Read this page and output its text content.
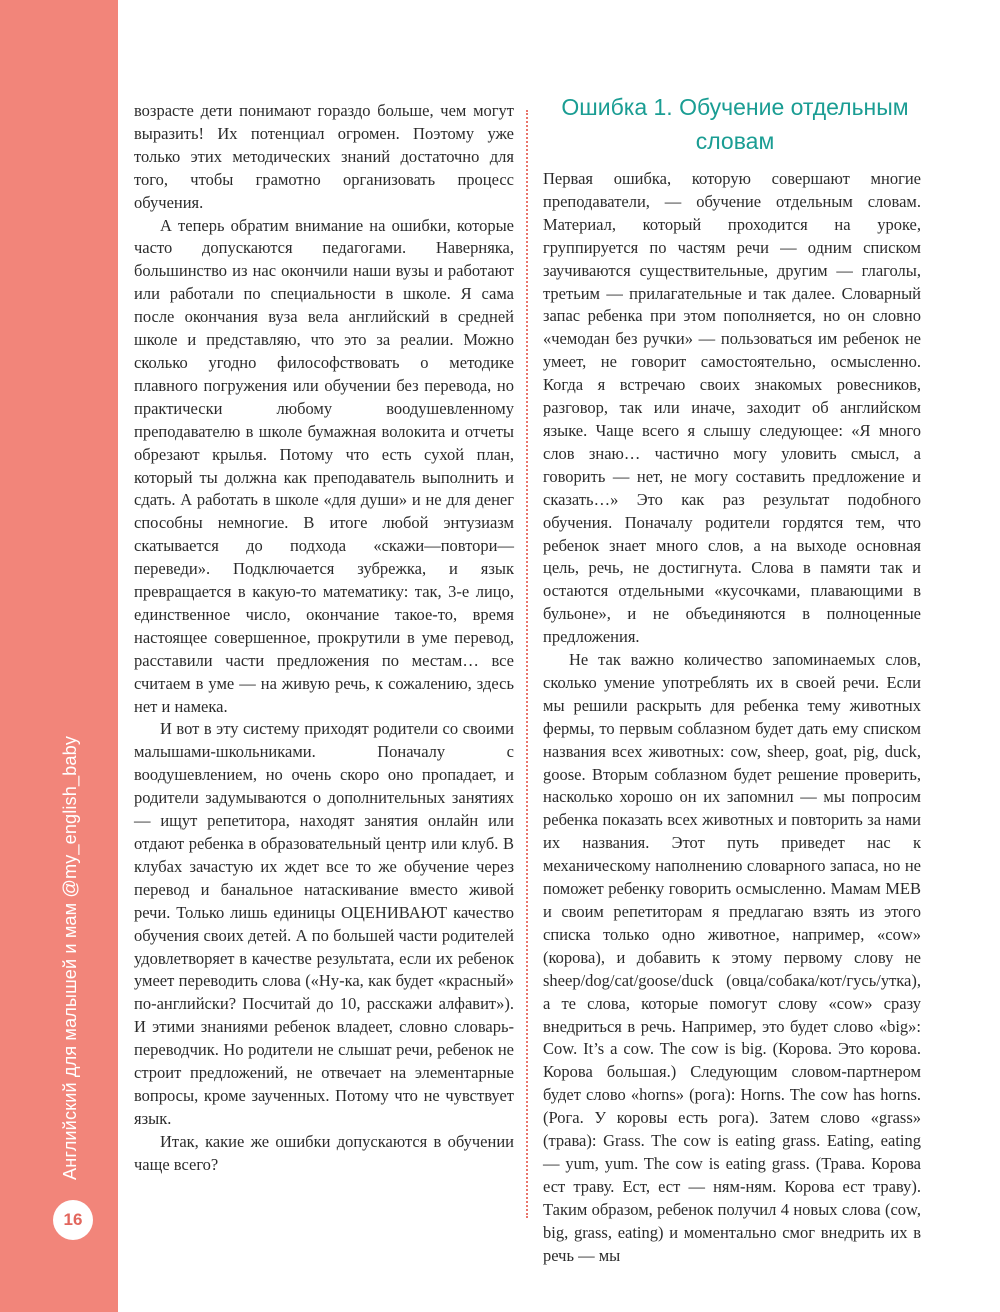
Английский для малышей и мам @my_english_baby
16

возрасте дети понимают гораздо больше, чем могут выразить! Их потенциал огромен. Поэтому уже только этих методических знаний достаточно для того, чтобы грамотно организовать процесс обучения.

А теперь обратим внимание на ошибки, которые часто допускаются педагогами. Наверняка, большинство из нас окончили наши вузы и работают или работали по специальности в школе. Я сама после окончания вуза вела английский в средней школе и представляю, что это за реалии. Можно сколько угодно философствовать о методике плавного погружения или обучении без перевода, но практически любому воодушевленному преподавателю в школе бумажная волокита и отчеты обрезают крылья. Потому что есть сухой план, который ты должна как преподаватель выполнить и сдать. А работать в школе «для души» и не для денег способны немногие. В итоге любой энтузиазм скатывается до подхода «скажи—повтори—переведи». Подключается зубрежка, и язык превращается в какую-то математику: так, 3-е лицо, единственное число, окончание такое-то, время настоящее совершенное, прокрутили в уме перевод, расставили части предложения по местам… все считаем в уме — на живую речь, к сожалению, здесь нет и намека.

И вот в эту систему приходят родители со своими малышами-школьниками. Поначалу с воодушевлением, но очень скоро оно пропадает, и родители задумываются о дополнительных занятиях — ищут репетитора, находят занятия онлайн или отдают ребенка в образовательный центр или клуб. В клубах зачастую их ждет все то же обучение через перевод и банальное натаскивание вместо живой речи. Только лишь единицы ОЦЕНИВАЮТ качество обучения своих детей. А по большей части родителей удовлетворяет в качестве результата, если их ребенок умеет переводить слова («Ну-ка, как будет «красный» по-английски? Посчитай до 10, расскажи алфавит»). И этими знаниями ребенок владеет, словно словарь-переводчик. Но родители не слышат речи, ребенок не строит предложений, не отвечает на элементарные вопросы, кроме заученных. Потому что не чувствует язык.

Итак, какие же ошибки допускаются в обучении чаще всего?

Ошибка 1. Обучение отдельным словам

Первая ошибка, которую совершают многие преподаватели, — обучение отдельным словам. Материал, который проходится на уроке, группируется по частям речи — одним списком заучиваются существительные, другим — глаголы, третьим — прилагательные и так далее. Словарный запас ребенка при этом пополняется, но он словно «чемодан без ручки» — пользоваться им ребенок не умеет, не говорит самостоятельно, осмысленно. Когда я встречаю своих знакомых ровесников, разговор, так или иначе, заходит об английском языке. Чаще всего я слышу следующее: «Я много слов знаю… частично могу уловить смысл, а говорить — нет, не могу составить предложение и сказать…» Это как раз результат подобного обучения. Поначалу родители гордятся тем, что ребенок знает много слов, а на выходе основная цель, речь, не достигнута. Слова в памяти так и остаются отдельными «кусочками, плавающими в бульоне», и не объединяются в полноценные предложения.

Не так важно количество запоминаемых слов, сколько умение употреблять их в своей речи. Если мы решили раскрыть для ребенка тему животных фермы, то первым соблазном будет дать ему списком названия всех животных: cow, sheep, goat, pig, duck, goose. Вторым соблазном будет решение проверить, насколько хорошо он их запомнил — мы попросим ребенка показать всех животных и повторить за нами их названия. Этот путь приведет нас к механическому наполнению словарного запаса, но не поможет ребенку говорить осмысленно. Мамам МЕВ и своим репетиторам я предлагаю взять из этого списка только одно животное, например, «cow» (корова), и добавить к этому первому слову не sheep/dog/cat/goose/duck (овца/собака/кот/гусь/утка), а те слова, которые помогут слову «cow» сразу внедриться в речь. Например, это будет слово «big»: Cow. It’s a cow. The cow is big. (Корова. Это корова. Корова большая.) Следующим словом-партнером будет слово «horns» (рога): Horns. The cow has horns. (Рога. У коровы есть рога). Затем слово «grass» (трава): Grass. The cow is eating grass. Eating, eating — yum, yum. The cow is eating grass. (Трава. Корова ест траву. Ест, ест — ням-ням. Корова ест траву). Таким образом, ребенок получил 4 новых слова (cow, big, grass, eating) и моментально смог внедрить их в речь — мы
